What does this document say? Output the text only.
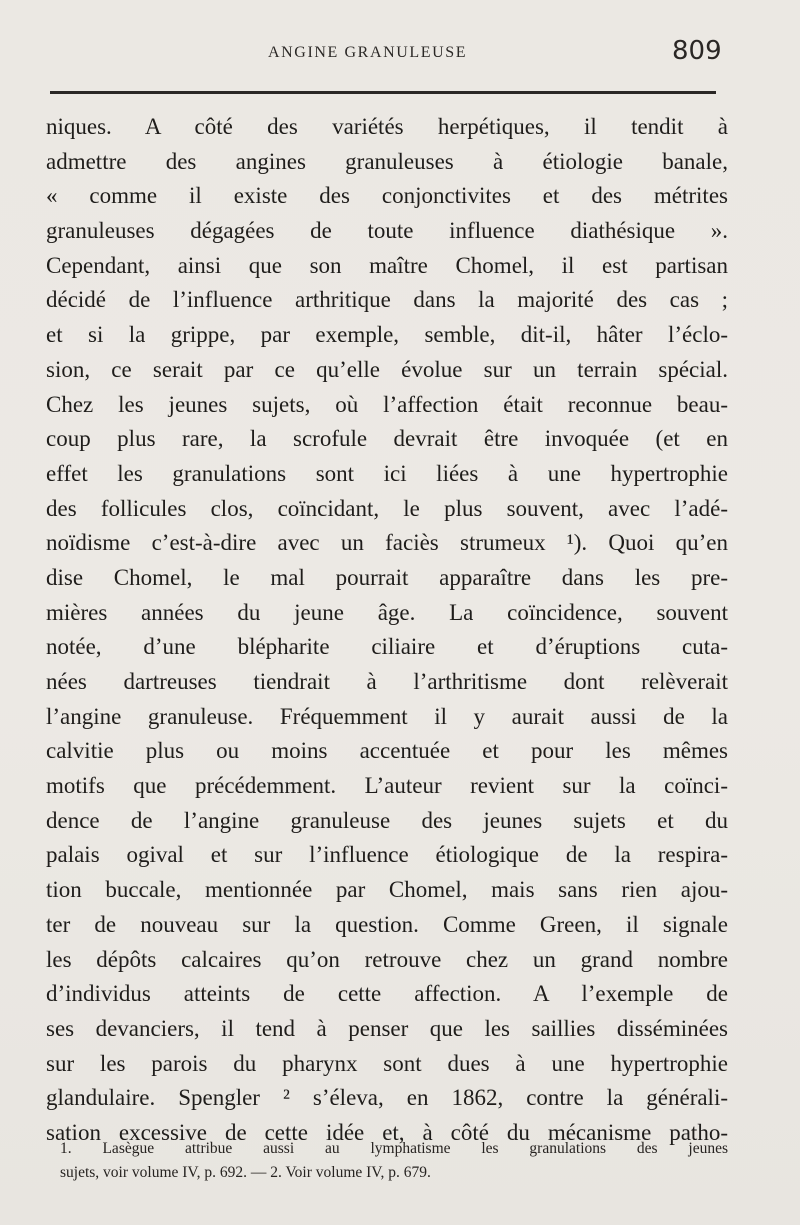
ANGINE GRANULEUSE	809
niques. A côté des variétés herpétiques, il tendit à
admettre des angines granuleuses à étiologie banale,
« comme il existe des conjonctivites et des métrites
granuleuses dégagées de toute influence diathésique ».
Cependant, ainsi que son maître Chomel, il est partisan
décidé de l’influence arthritique dans la majorité des cas ;
et si la grippe, par exemple, semble, dit-il, hâter l’éclo-
sion, ce serait par ce qu’elle évolue sur un terrain spécial.
Chez les jeunes sujets, où l’affection était reconnue beau-
coup plus rare, la scrofule devrait être invoquée (et en
effet les granulations sont ici liées à une hypertrophie
des follicules clos, coïncidant, le plus souvent, avec l’adé-
noïdisme c’est-à-dire avec un faciès strumeux ¹). Quoi qu’en
dise Chomel, le mal pourrait apparaître dans les pre-
mières années du jeune âge. La coïncidence, souvent
notée, d’une blépharite ciliaire et d’éruptions cuta-
nées dartreuses tiendrait à l’arthritisme dont relèverait
l’angine granuleuse. Fréquemment il y aurait aussi de la
calvitie plus ou moins accentuée et pour les mêmes
motifs que précédemment. L’auteur revient sur la coïnci-
dence de l’angine granuleuse des jeunes sujets et du
palais ogival et sur l’influence étiologique de la respira-
tion buccale, mentionnée par Chomel, mais sans rien ajou-
ter de nouveau sur la question. Comme Green, il signale
les dépôts calcaires qu’on retrouve chez un grand nombre
d’individus atteints de cette affection. A l’exemple de
ses devanciers, il tend à penser que les saillies disséminées
sur les parois du pharynx sont dues à une hypertrophie
glandulaire. Spengler ² s’éleva, en 1862, contre la générali-
sation excessive de cette idée et, à côté du mécanisme patho-
1. Lasègue attribue aussi au lymphatisme les granulations des jeunes
sujets, voir volume IV, p. 692. — 2. Voir volume IV, p. 679.
